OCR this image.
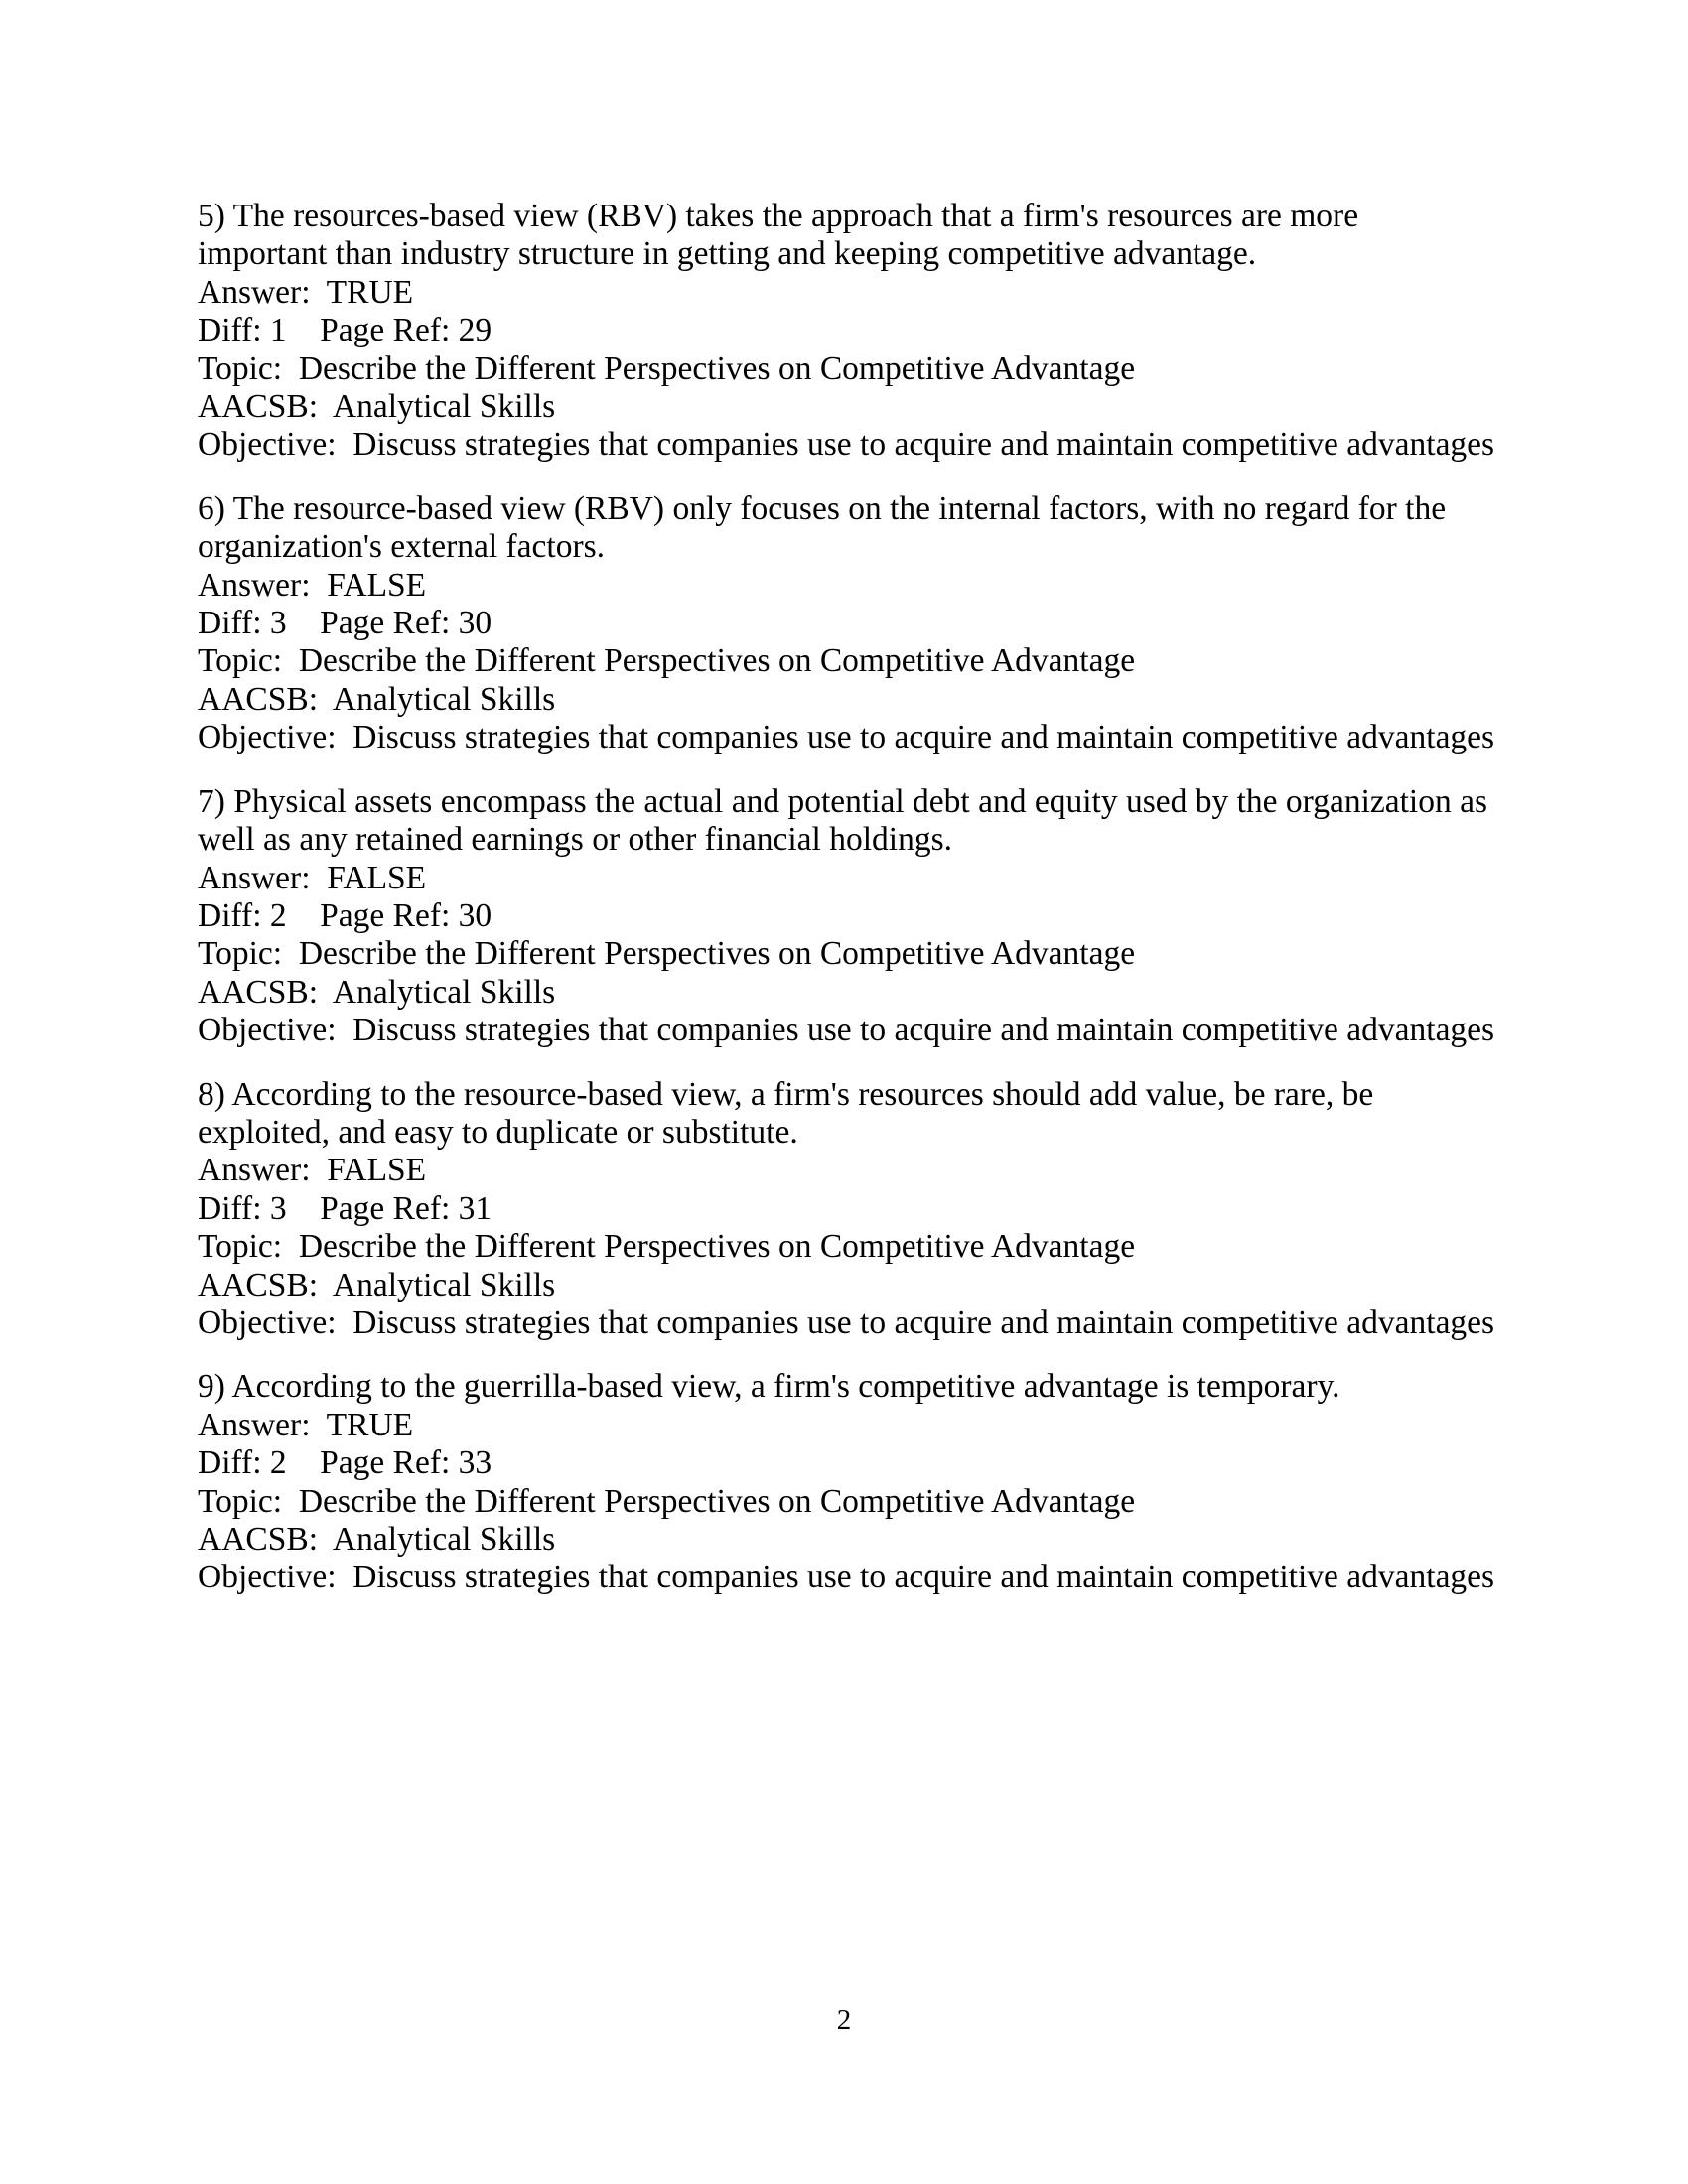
5) The resources-based view (RBV) takes the approach that a firm's resources are more
important than industry structure in getting and keeping competitive advantage.
Answer:  TRUE
Diff: 1    Page Ref: 29
Topic:  Describe the Different Perspectives on Competitive Advantage
AACSB:  Analytical Skills
Objective:  Discuss strategies that companies use to acquire and maintain competitive advantages
6) The resource-based view (RBV) only focuses on the internal factors, with no regard for the
organization's external factors.
Answer:  FALSE
Diff: 3    Page Ref: 30
Topic:  Describe the Different Perspectives on Competitive Advantage
AACSB:  Analytical Skills
Objective:  Discuss strategies that companies use to acquire and maintain competitive advantages
7) Physical assets encompass the actual and potential debt and equity used by the organization as
well as any retained earnings or other financial holdings.
Answer:  FALSE
Diff: 2    Page Ref: 30
Topic:  Describe the Different Perspectives on Competitive Advantage
AACSB:  Analytical Skills
Objective:  Discuss strategies that companies use to acquire and maintain competitive advantages
8) According to the resource-based view, a firm's resources should add value, be rare, be
exploited, and easy to duplicate or substitute.
Answer:  FALSE
Diff: 3    Page Ref: 31
Topic:  Describe the Different Perspectives on Competitive Advantage
AACSB:  Analytical Skills
Objective:  Discuss strategies that companies use to acquire and maintain competitive advantages
9) According to the guerrilla-based view, a firm's competitive advantage is temporary.
Answer:  TRUE
Diff: 2    Page Ref: 33
Topic:  Describe the Different Perspectives on Competitive Advantage
AACSB:  Analytical Skills
Objective:  Discuss strategies that companies use to acquire and maintain competitive advantages
2
